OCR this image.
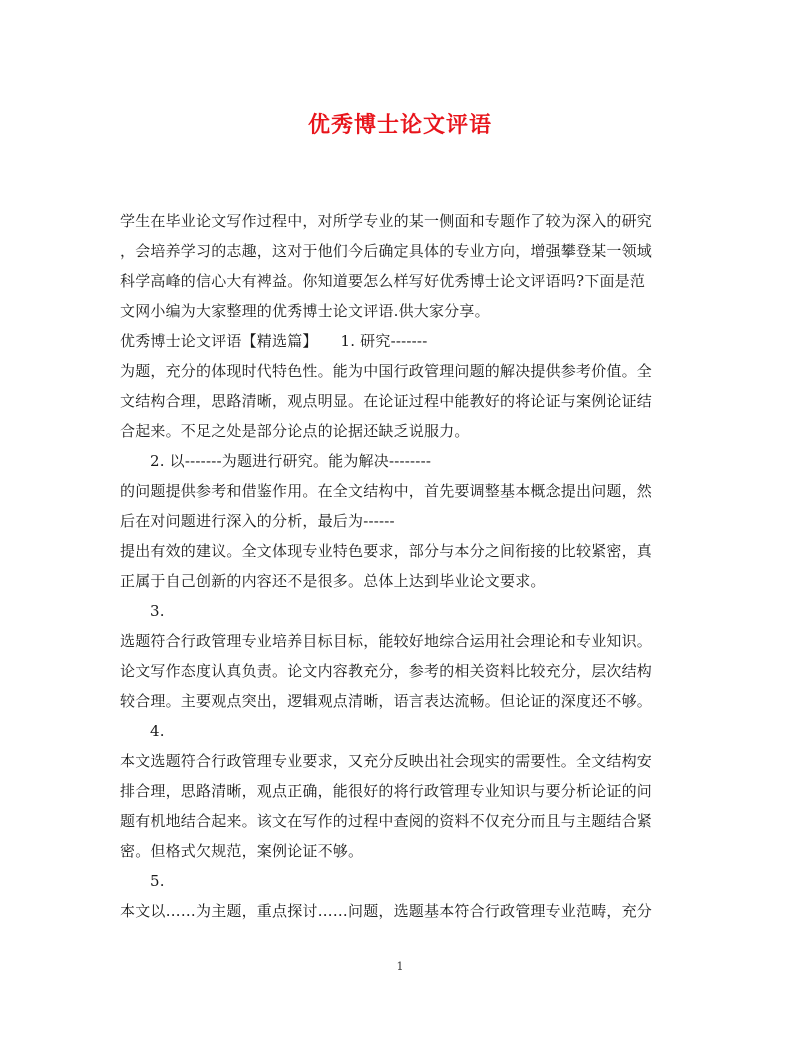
优秀博士论文评语
学生在毕业论文写作过程中，对所学专业的某一侧面和专题作了较为深入的研究
，会培养学习的志趣，这对于他们今后确定具体的专业方向，增强攀登某一领域
科学高峰的信心大有裨益。你知道要怎么样写好优秀博士论文评语吗?下面是范
文网小编为大家整理的优秀博士论文评语.供大家分享。
优秀博士论文评语【精选篇】　　1. 研究-------
为题，充分的体现时代特色性。能为中国行政管理问题的解决提供参考价值。全
文结构合理，思路清晰，观点明显。在论证过程中能教好的将论证与案例论证结
合起来。不足之处是部分论点的论据还缺乏说服力。
2. 以-------为题进行研究。能为解决--------
的问题提供参考和借鉴作用。在全文结构中，首先要调整基本概念提出问题，然
后在对问题进行深入的分析，最后为------
提出有效的建议。全文体现专业特色要求，部分与本分之间衔接的比较紧密，真
正属于自己创新的内容还不是很多。总体上达到毕业论文要求。
3.
选题符合行政管理专业培养目标目标，能较好地综合运用社会理论和专业知识。
论文写作态度认真负责。论文内容教充分，参考的相关资料比较充分，层次结构
较合理。主要观点突出，逻辑观点清晰，语言表达流畅。但论证的深度还不够。
4.
本文选题符合行政管理专业要求，又充分反映出社会现实的需要性。全文结构安
排合理，思路清晰，观点正确，能很好的将行政管理专业知识与要分析论证的问
题有机地结合起来。该文在写作的过程中查阅的资料不仅充分而且与主题结合紧
密。但格式欠规范，案例论证不够。
5.
本文以……为主题，重点探讨……问题，选题基本符合行政管理专业范畴，充分
1
